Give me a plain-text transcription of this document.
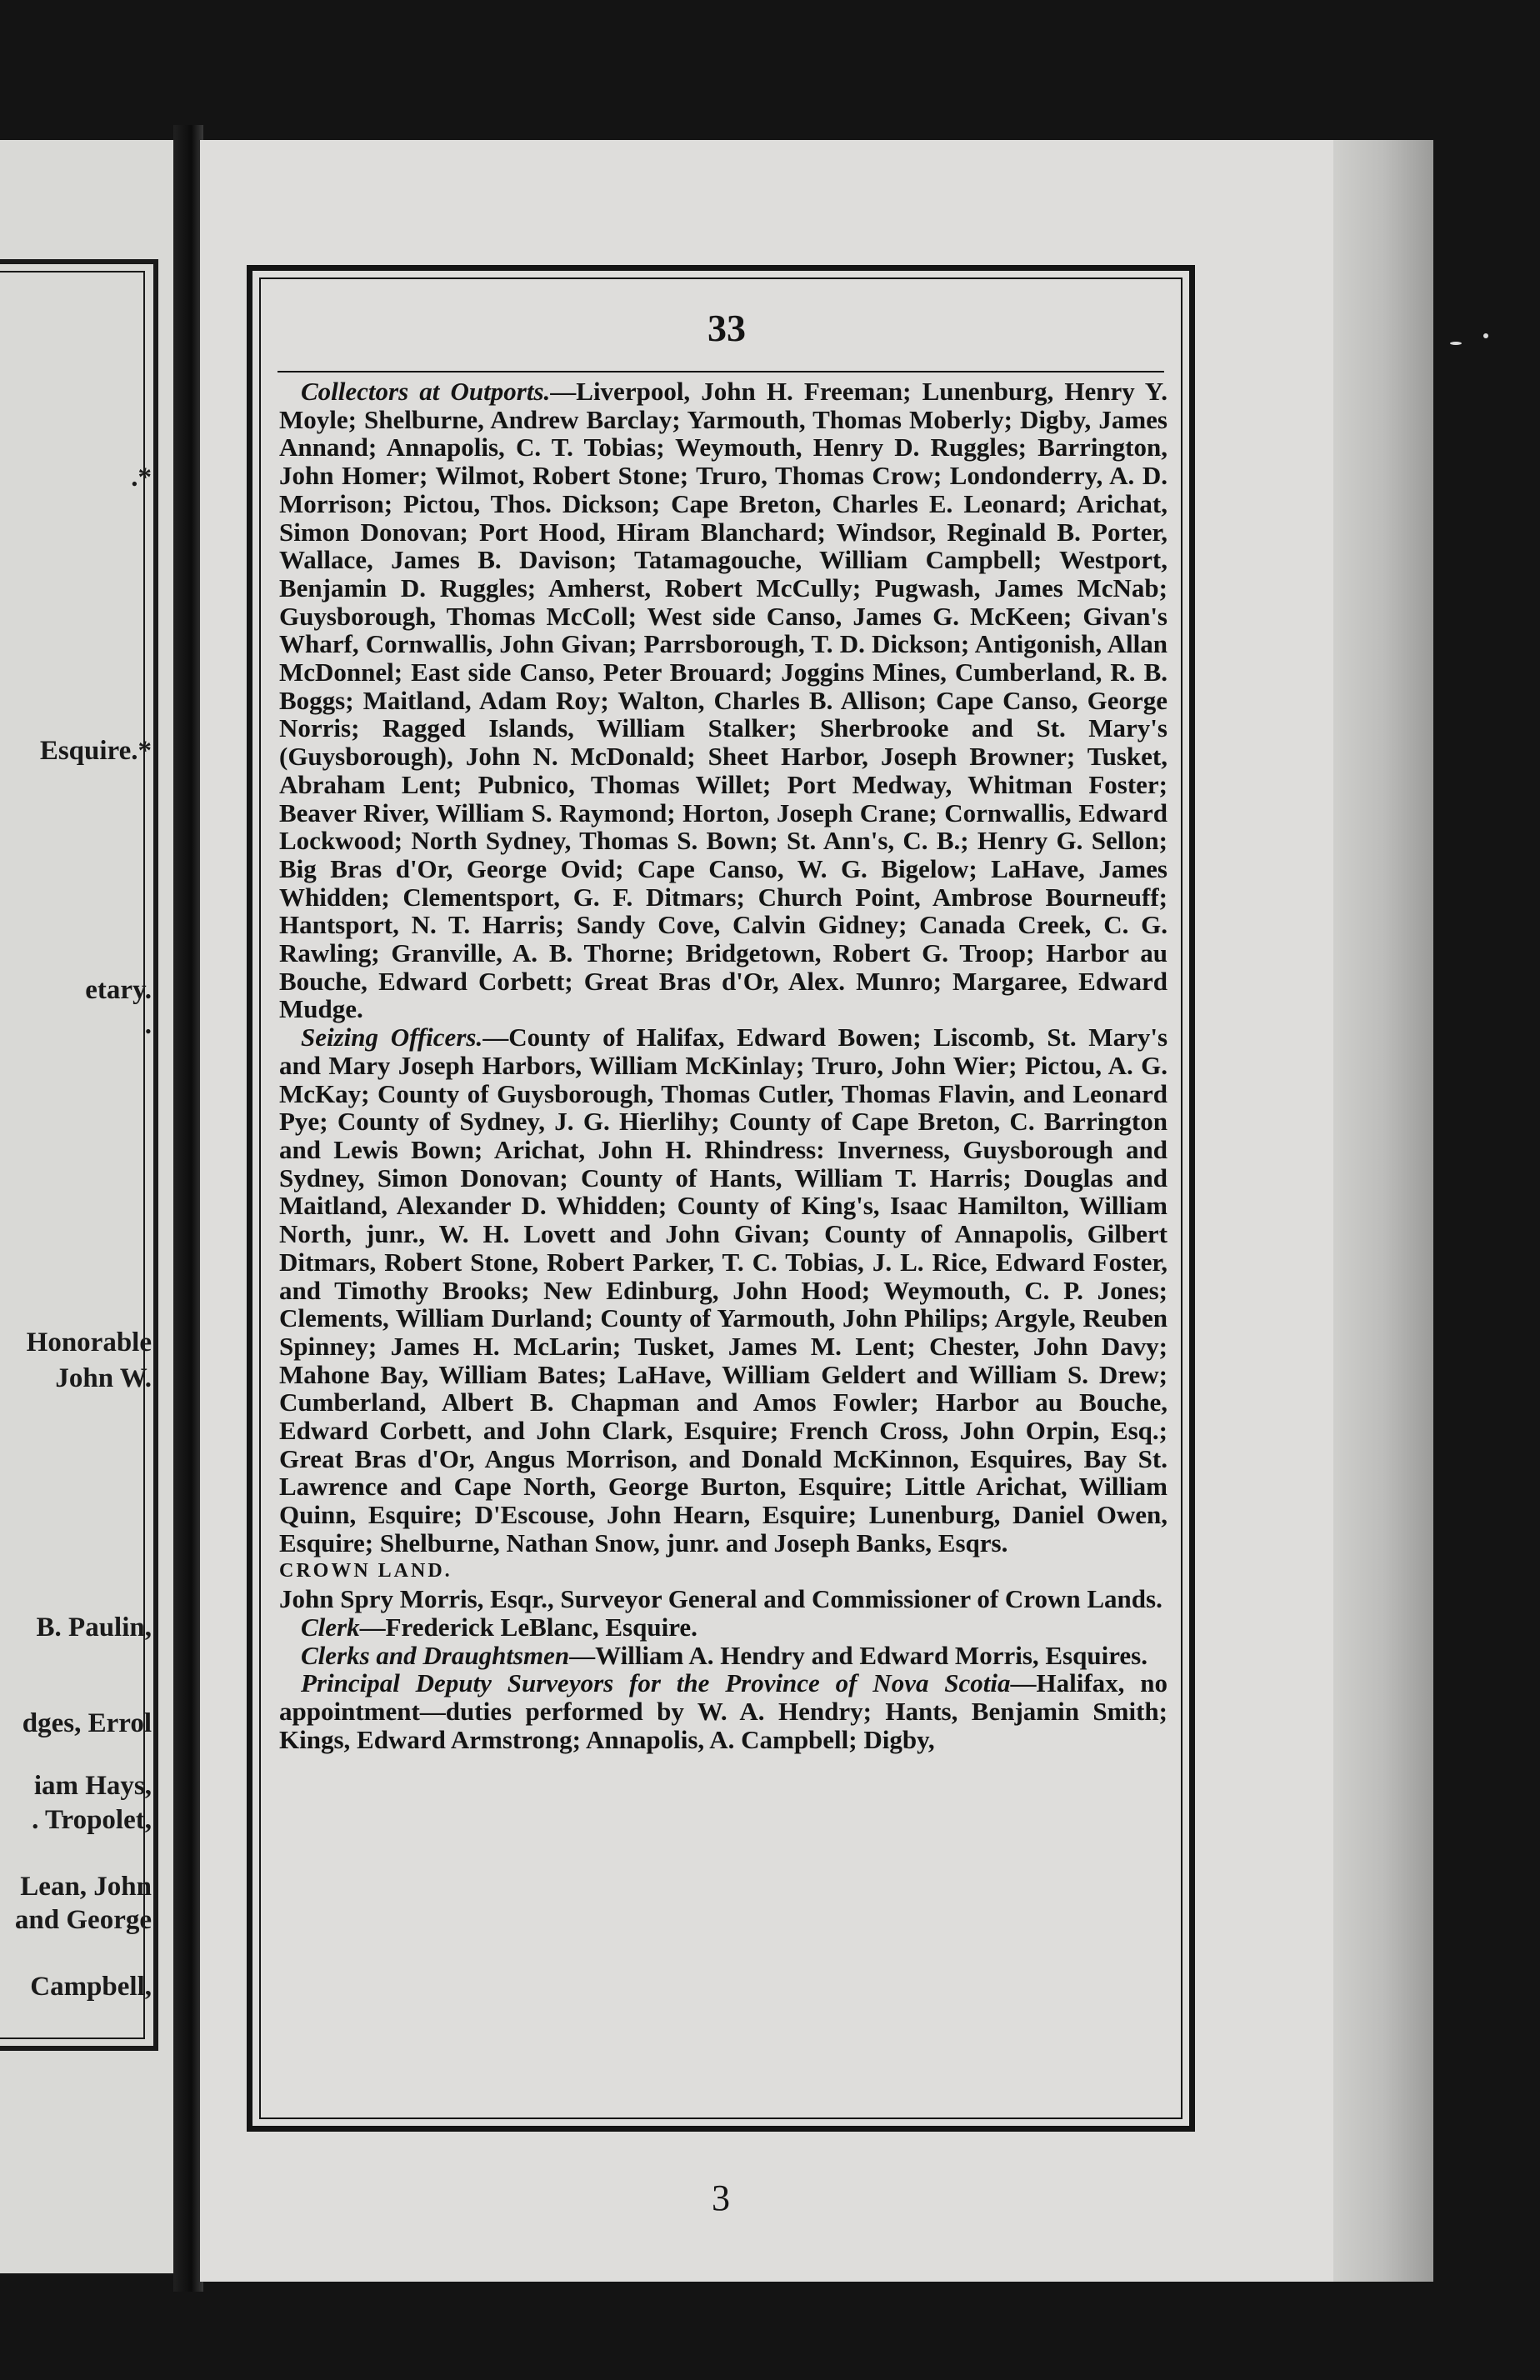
.*
Esquire.*
etary.
.
Honorable
John W.
B. Paulin,
dges, Errol
iam Hays,
. Tropolet,
Lean, John
and George
Campbell,
33

Collectors at Outports.—Liverpool, John H. Freeman; Lunenburg, Henry Y. Moyle; Shelburne, Andrew Barclay; Yarmouth, Thomas Moberly; Digby, James Annand; Annapolis, C. T. Tobias; Weymouth, Henry D. Ruggles; Barrington, John Homer; Wilmot, Robert Stone; Truro, Thomas Crow; Londonderry, A. D. Morrison; Pictou, Thos. Dickson; Cape Breton, Charles E. Leonard; Arichat, Simon Donovan; Port Hood, Hiram Blanchard; Windsor, Reginald B. Porter, Wallace, James B. Davison; Tatamagouche, William Campbell; Westport, Benjamin D. Ruggles; Amherst, Robert McCully; Pugwash, James McNab; Guysborough, Thomas McColl; West side Canso, James G. McKeen; Givan's Wharf, Cornwallis, John Givan; Parrsborough, T. D. Dickson; Antigonish, Allan McDonnel; East side Canso, Peter Brouard; Joggins Mines, Cumberland, R. B. Boggs; Maitland, Adam Roy; Walton, Charles B. Allison; Cape Canso, George Norris; Ragged Islands, William Stalker; Sherbrooke and St. Mary's (Guysborough), John N. McDonald; Sheet Harbor, Joseph Browner; Tusket, Abraham Lent; Pubnico, Thomas Willet; Port Medway, Whitman Foster; Beaver River, William S. Raymond; Horton, Joseph Crane; Cornwallis, Edward Lockwood; North Sydney, Thomas S. Bown; St. Ann's, C. B.; Henry G. Sellon; Big Bras d'Or, George Ovid; Cape Canso, W. G. Bigelow; LaHave, James Whidden; Clementsport, G. F. Ditmars; Church Point, Ambrose Bourneuff; Hantsport, N. T. Harris; Sandy Cove, Calvin Gidney; Canada Creek, C. G. Rawling; Granville, A. B. Thorne; Bridgetown, Robert G. Troop; Harbor au Bouche, Edward Corbett; Great Bras d'Or, Alex. Munro; Margaree, Edward Mudge.

Seizing Officers.—County of Halifax, Edward Bowen; Liscomb, St. Mary's and Mary Joseph Harbors, William McKinlay; Truro, John Wier; Pictou, A. G. McKay; County of Guysborough, Thomas Cutler, Thomas Flavin, and Leonard Pye; County of Sydney, J. G. Hierlihy; County of Cape Breton, C. Barrington and Lewis Bown; Arichat, John H. Rhindress: Inverness, Guysborough and Sydney, Simon Donovan; County of Hants, William T. Harris; Douglas and Maitland, Alexander D. Whidden; County of King's, Isaac Hamilton, William North, junr., W. H. Lovett and John Givan; County of Annapolis, Gilbert Ditmars, Robert Stone, Robert Parker, T. C. Tobias, J. L. Rice, Edward Foster, and Timothy Brooks; New Edinburg, John Hood; Weymouth, C. P. Jones; Clements, William Durland; County of Yarmouth, John Philips; Argyle, Reuben Spinney; James H. McLarin; Tusket, James M. Lent; Chester, John Davy; Mahone Bay, William Bates; LaHave, William Geldert and William S. Drew; Cumberland, Albert B. Chapman and Amos Fowler; Harbor au Bouche, Edward Corbett, and John Clark, Esquire; French Cross, John Orpin, Esq.; Great Bras d'Or, Angus Morrison, and Donald McKinnon, Esquires, Bay St. Lawrence and Cape North, George Burton, Esquire; Little Arichat, William Quinn, Esquire; D'Escouse, John Hearn, Esquire; Lunenburg, Daniel Owen, Esquire; Shelburne, Nathan Snow, junr. and Joseph Banks, Esqrs.

CROWN LAND.

John Spry Morris, Esqr., Surveyor General and Commissioner of Crown Lands.

Clerk—Frederick LeBlanc, Esquire.

Clerks and Draughtsmen—William A. Hendry and Edward Morris, Esquires.

Principal Deputy Surveyors for the Province of Nova Scotia—Halifax, no appointment—duties performed by W. A. Hendry; Hants, Benjamin Smith; Kings, Edward Armstrong; Annapolis, A. Campbell; Digby,

3
